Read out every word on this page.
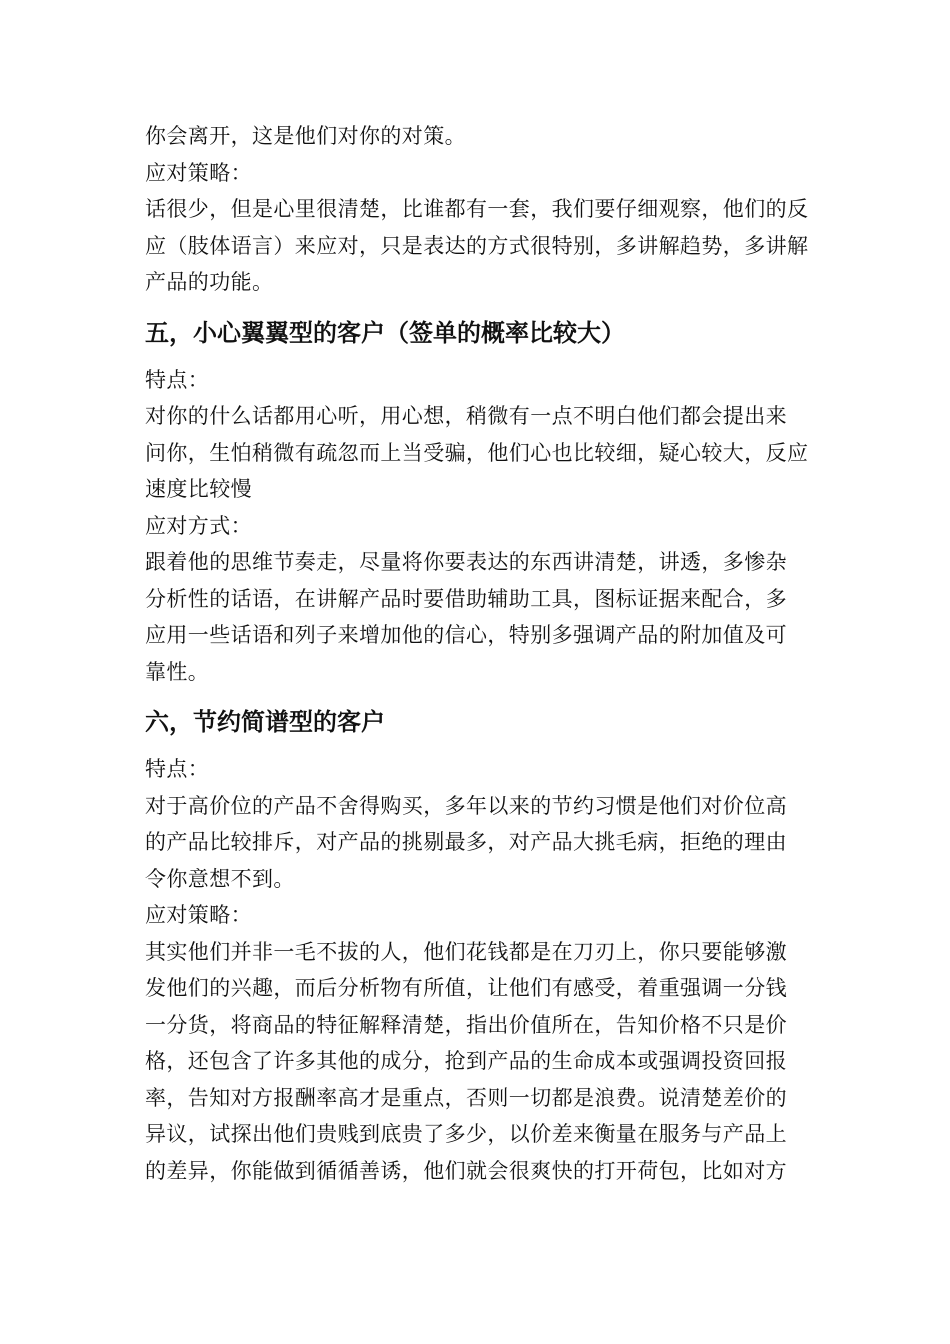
你会离开，这是他们对你的对策。

应对策略：

话很少，但是心里很清楚，比谁都有一套，我们要仔细观察，他们的反

应（肢体语言）来应对，只是表达的方式很特别，多讲解趋势，多讲解

产品的功能。

五，小心翼翼型的客户（签单的概率比较大）

特点：

对你的什么话都用心听，用心想，稍微有一点不明白他们都会提出来

问你，生怕稍微有疏忽而上当受骗，他们心也比较细，疑心较大，反应

速度比较慢

应对方式：

跟着他的思维节奏走，尽量将你要表达的东西讲清楚，讲透，多惨杂

分析性的话语，在讲解产品时要借助辅助工具，图标证据来配合，多

应用一些话语和列子来增加他的信心，特别多强调产品的附加值及可

靠性。

六，节约简谱型的客户

特点：

对于高价位的产品不舍得购买，多年以来的节约习惯是他们对价位高

的产品比较排斥，对产品的挑剔最多，对产品大挑毛病，拒绝的理由

令你意想不到。

应对策略：

其实他们并非一毛不拔的人，他们花钱都是在刀刃上，你只要能够激

发他们的兴趣，而后分析物有所值，让他们有感受，着重强调一分钱

一分货，将商品的特征解释清楚，指出价值所在，告知价格不只是价

格，还包含了许多其他的成分，抢到产品的生命成本或强调投资回报

率，告知对方报酬率高才是重点，否则一切都是浪费。说清楚差价的

异议，试探出他们贵贱到底贵了多少，以价差来衡量在服务与产品上

的差异，你能做到循循善诱，他们就会很爽快的打开荷包，比如对方
